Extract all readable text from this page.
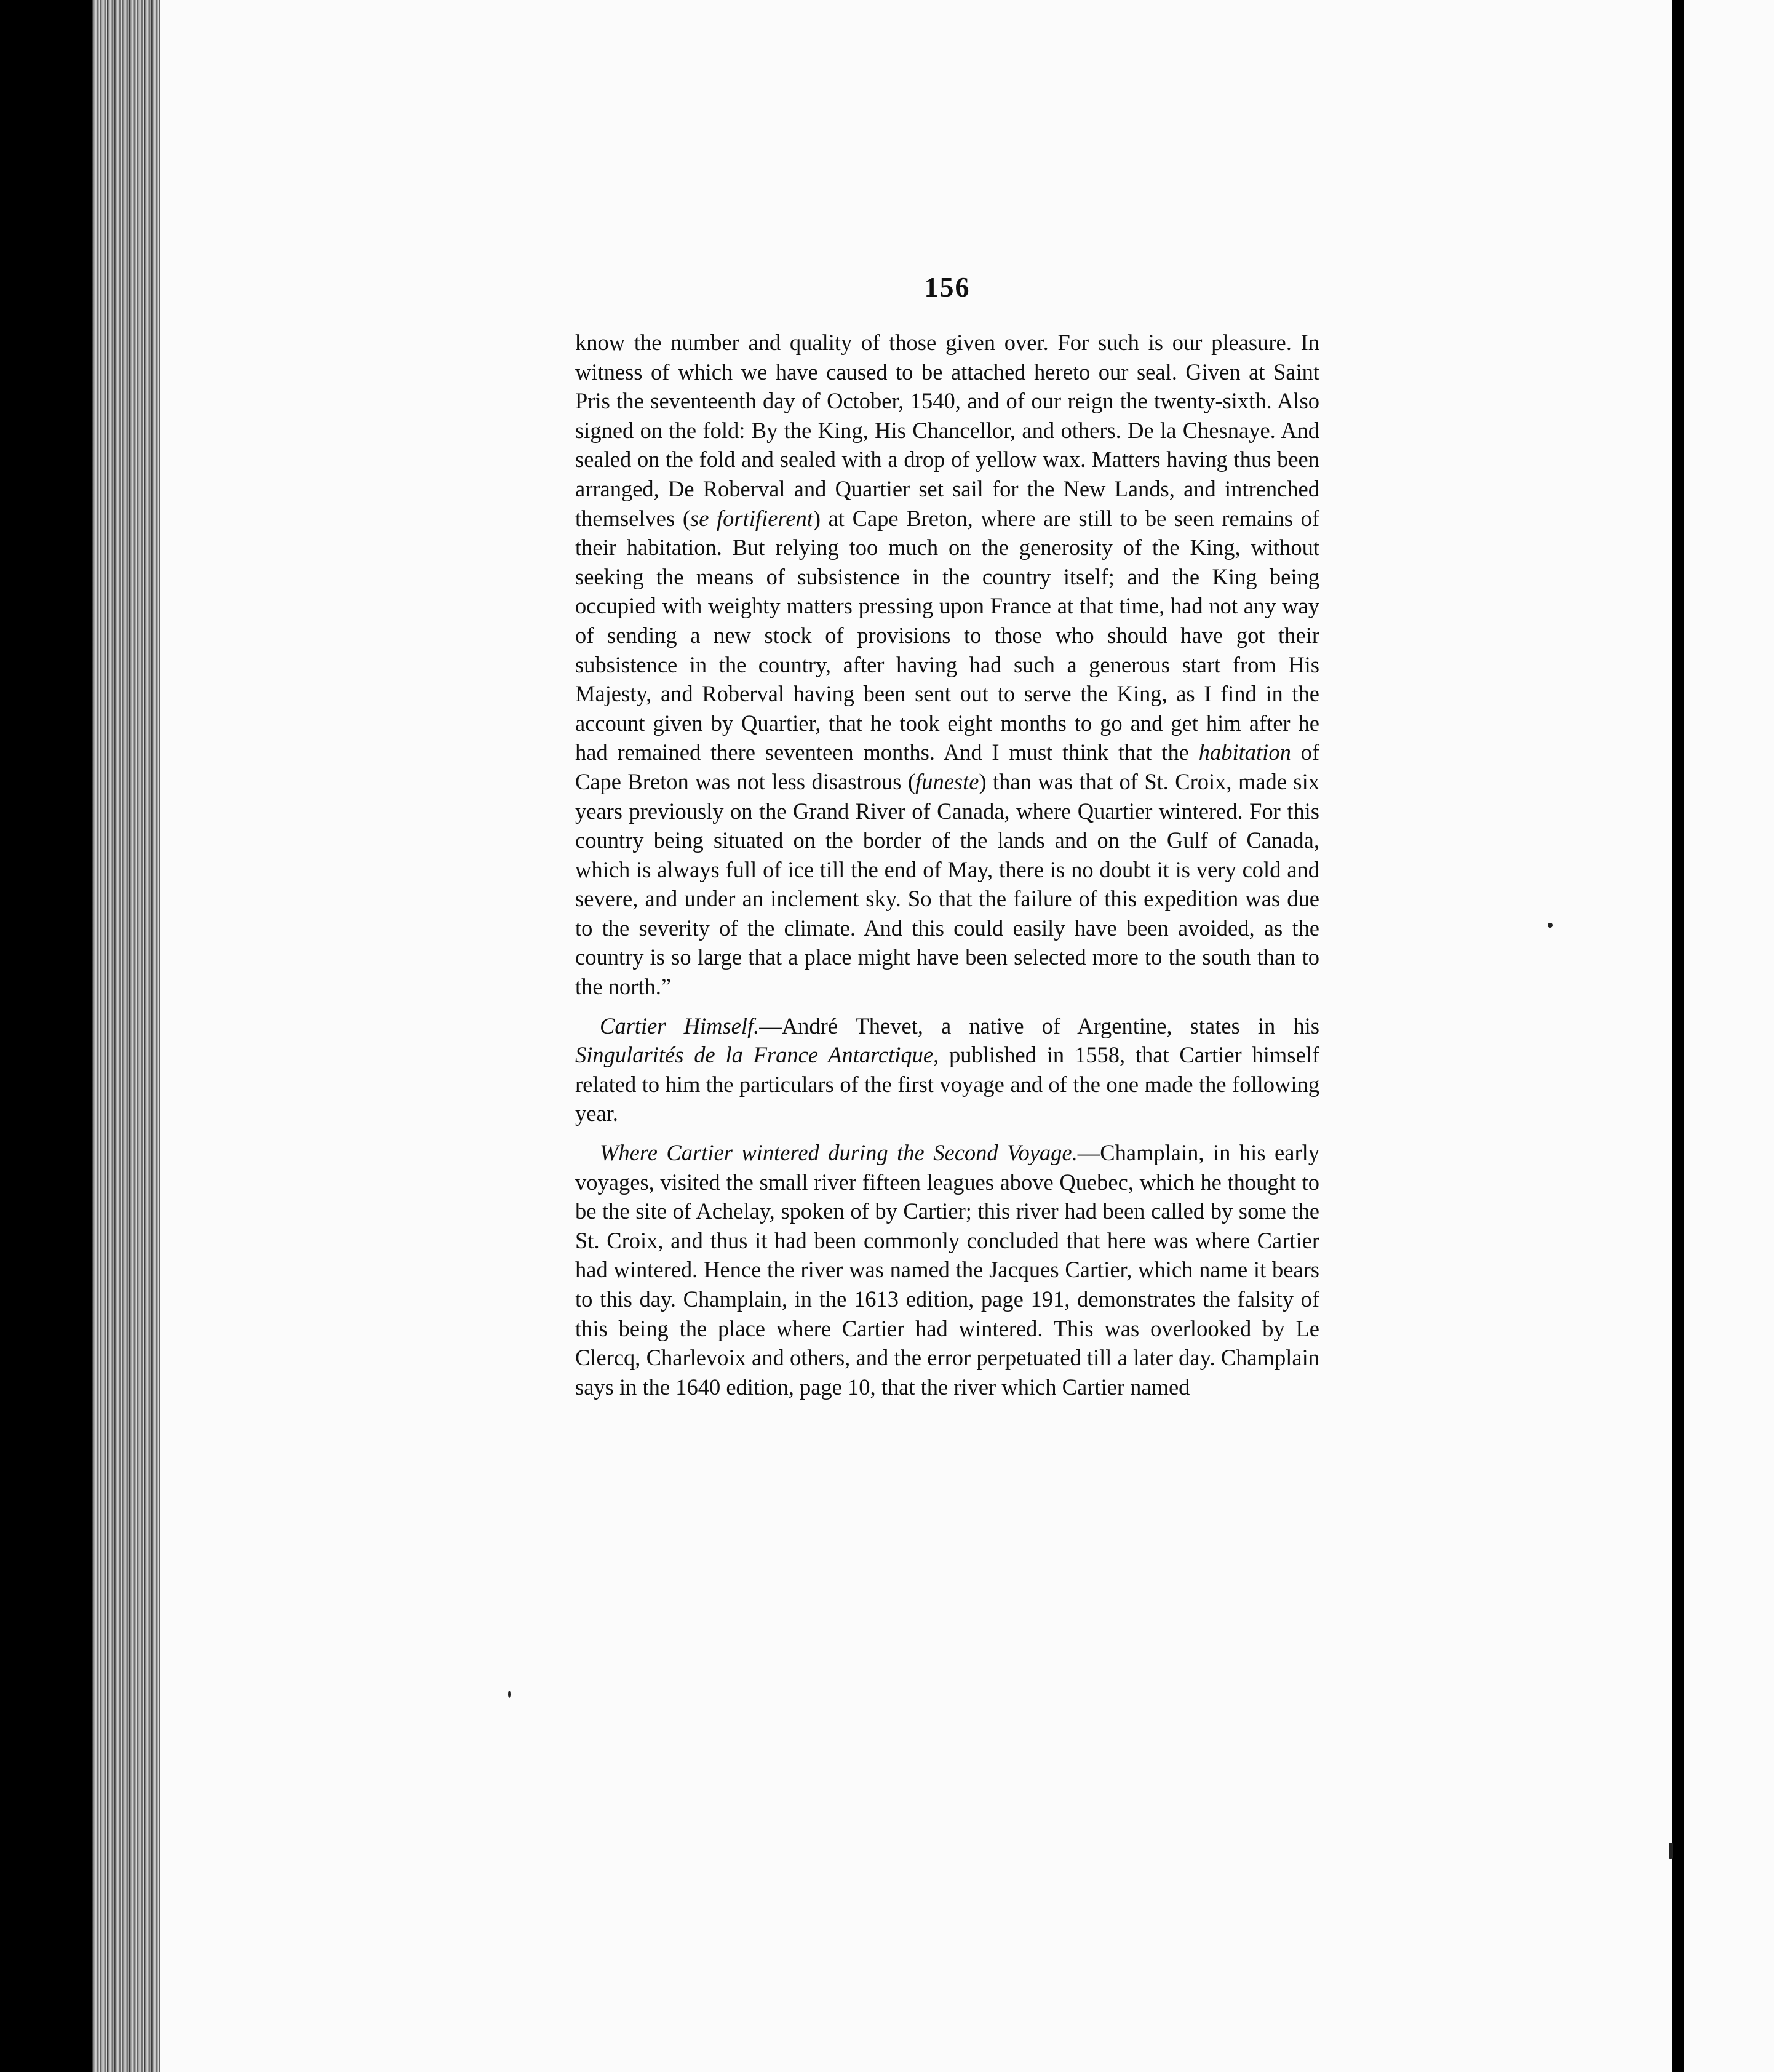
156

know the number and quality of those given over. For such is our pleasure. In witness of which we have caused to be attached hereto our seal. Given at Saint Pris the seventeenth day of October, 1540, and of our reign the twenty-sixth. Also signed on the fold: By the King, His Chancellor, and others. De la Chesnaye. And sealed on the fold and sealed with a drop of yellow wax. Matters having thus been arranged, De Roberval and Quartier set sail for the New Lands, and intrenched themselves (se fortifierent) at Cape Breton, where are still to be seen remains of their habitation. But relying too much on the generosity of the King, without seeking the means of subsistence in the country itself; and the King being occupied with weighty matters pressing upon France at that time, had not any way of sending a new stock of provisions to those who should have got their subsistence in the country, after having had such a generous start from His Majesty, and Roberval having been sent out to serve the King, as I find in the account given by Quartier, that he took eight months to go and get him after he had remained there seventeen months. And I must think that the habitation of Cape Breton was not less disastrous (funeste) than was that of St. Croix, made six years previously on the Grand River of Canada, where Quartier wintered. For this country being situated on the border of the lands and on the Gulf of Canada, which is always full of ice till the end of May, there is no doubt it is very cold and severe, and under an inclement sky. So that the failure of this expedition was due to the severity of the climate. And this could easily have been avoided, as the country is so large that a place might have been selected more to the south than to the north.”

Cartier Himself.—André Thevet, a native of Argentine, states in his Singularités de la France Antarctique, published in 1558, that Cartier himself related to him the particulars of the first voyage and of the one made the following year.

Where Cartier wintered during the Second Voyage.—Champlain, in his early voyages, visited the small river fifteen leagues above Quebec, which he thought to be the site of Achelay, spoken of by Cartier; this river had been called by some the St. Croix, and thus it had been commonly concluded that here was where Cartier had wintered. Hence the river was named the Jacques Cartier, which name it bears to this day. Champlain, in the 1613 edition, page 191, demonstrates the falsity of this being the place where Cartier had wintered. This was overlooked by Le Clercq, Charlevoix and others, and the error perpetuated till a later day. Champlain says in the 1640 edition, page 10, that the river which Cartier named
